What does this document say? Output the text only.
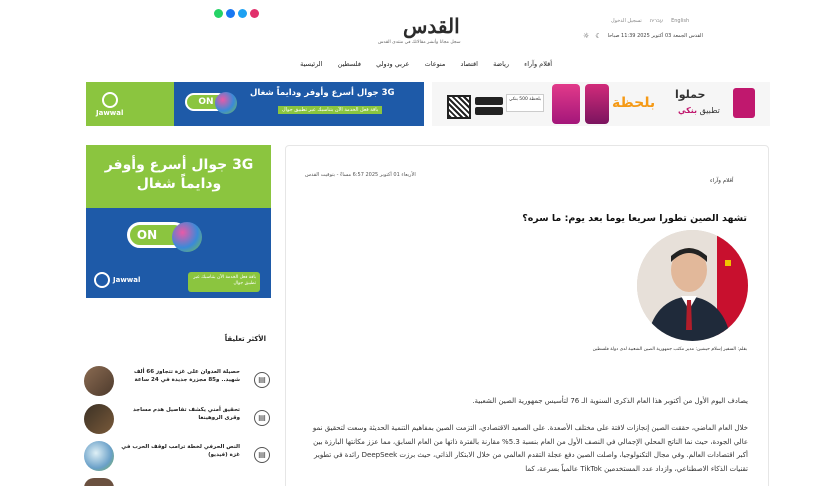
القدس
سجل مجانا وأنشر مقالاتك في منتدى القدس
تسجيل الدخول עברית English
☼ ☾ القدس الجمعة 03 أكتوبر 2025 11:39 صباحا
الرئيسية فلسطين عربي ودولي منوعات اقتصاد رياضة أقلام وآراء
Jawwal
ON
3G جوال أسرع وأوفر ودايماً شغال
باقة فعل الخدمة الآن بتناسبك عبر تطبيق جوال
بلحظة 500 بنكي	بلحظة
حملوا
تطبيق بنكي
الأربعاء 01 أكتوبر 2025 6:57 مساءً - بتوقيت القدس
أقلام وآراء
تشهد الصين تطورا سريعا يوما بعد يوم: ما سره؟
بقلم: السفير إسلام حيشين: مدير مكتب جمهورية الصين الشعبية لدى دولة فلسطين
يصادف اليوم الأول من أكتوبر هذا العام الذكرى السنوية الـ 76 لتأسيس جمهورية الصين الشعبية.
خلال العام الماضي، حققت الصين إنجازات لافتة على مختلف الأصعدة. على الصعيد الاقتصادي، التزمت الصين بمفاهيم التنمية الحديثة وسعت لتحقيق نمو عالي الجودة، حيث نما الناتج المحلي الإجمالي في النصف الأول من العام بنسبة 5.3% مقارنة بالفترة ذاتها من العام السابق، مما عزز مكانتها البارزة بين أكبر اقتصادات العالم. وفي مجال التكنولوجيا، واصلت الصين دفع عجلة التقدم العالمي من خلال الابتكار الذاتي، حيث برزت DeepSeek رائدة في تطوير تقنيات الذكاء الاصطناعي، وازداد عدد المستخدمين TikTok عالمياً بسرعة، كما
3G جوال أسرع وأوفر ودايماً شغال
ON
Jawwal	باقة فعل الخدمة الآن بتناسبك عبر تطبيق جوال
الأكثر تعليقاً
حصيلة العدوان على غزة تتجاوز 66 ألف شهيد.. و85 مجزرة جديدة في 24 ساعة	▤
تحقيق أمني يكشف تفاصيل هدم مساجد وقرى الروهينغا	▤
النص الحرفي لخطة ترامب لوقف الحرب في غزة (فيديو)	▤
